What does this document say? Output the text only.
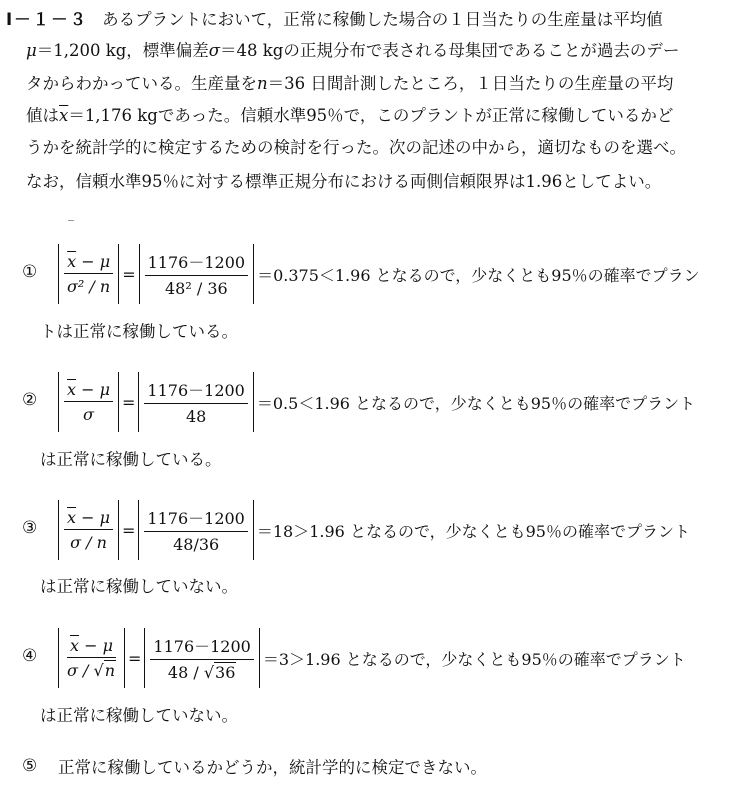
Ⅰ－１－３ あるプラントにおいて，正常に稼働した場合の１日当たりの生産量は平均値
μ＝1,200 kg，標準偏差σ＝48 kgの正規分布で表される母集団であることが過去のデー
タからわかっている。生産量をn＝36 日間計測したところ，１日当たりの生産量の平均
値は$\overline{x}=1,176$ kgであった。信頼水準95％で，このプラントが正常に稼働しているかど
うかを統計学的に検定するための検討を行った。次の記述の中から，適切なものを選べ。
なお，信頼水準95％に対する標準正規分布における両側信頼限界は1.96としてよい。
① $\frac{\overline{x} - \mu}{\text{σ² / n}} = \frac{1176-1200}{\text{48² / 36}} =0.375<1.96$ となるので，少なくとも95％の確率でプラン
トは正常に稼働している。
② $\frac{\overline{x} - \mu}{\sigma} = \frac{1176-1200}{48} =0.5<1.96$ となるので，少なくとも95％の確率でプラント
は正常に稼働している。
③ $\frac{\overline{x} - \mu}{\sigma / n} = \frac{1176-1200}{48/36} =18>1.96$ となるので，少なくとも95％の確率でプラント
は正常に稼働していない。
④ $\frac{\overline{x} - \mu}{\sigma / √n} = \frac{1176-1200}{48 / √36} =3>1.96$ となるので，少なくとも95％の確率でプラント
は正常に稼働していない。
⑤ 正常に稼働しているかどうか，統計学的に検定できない。
